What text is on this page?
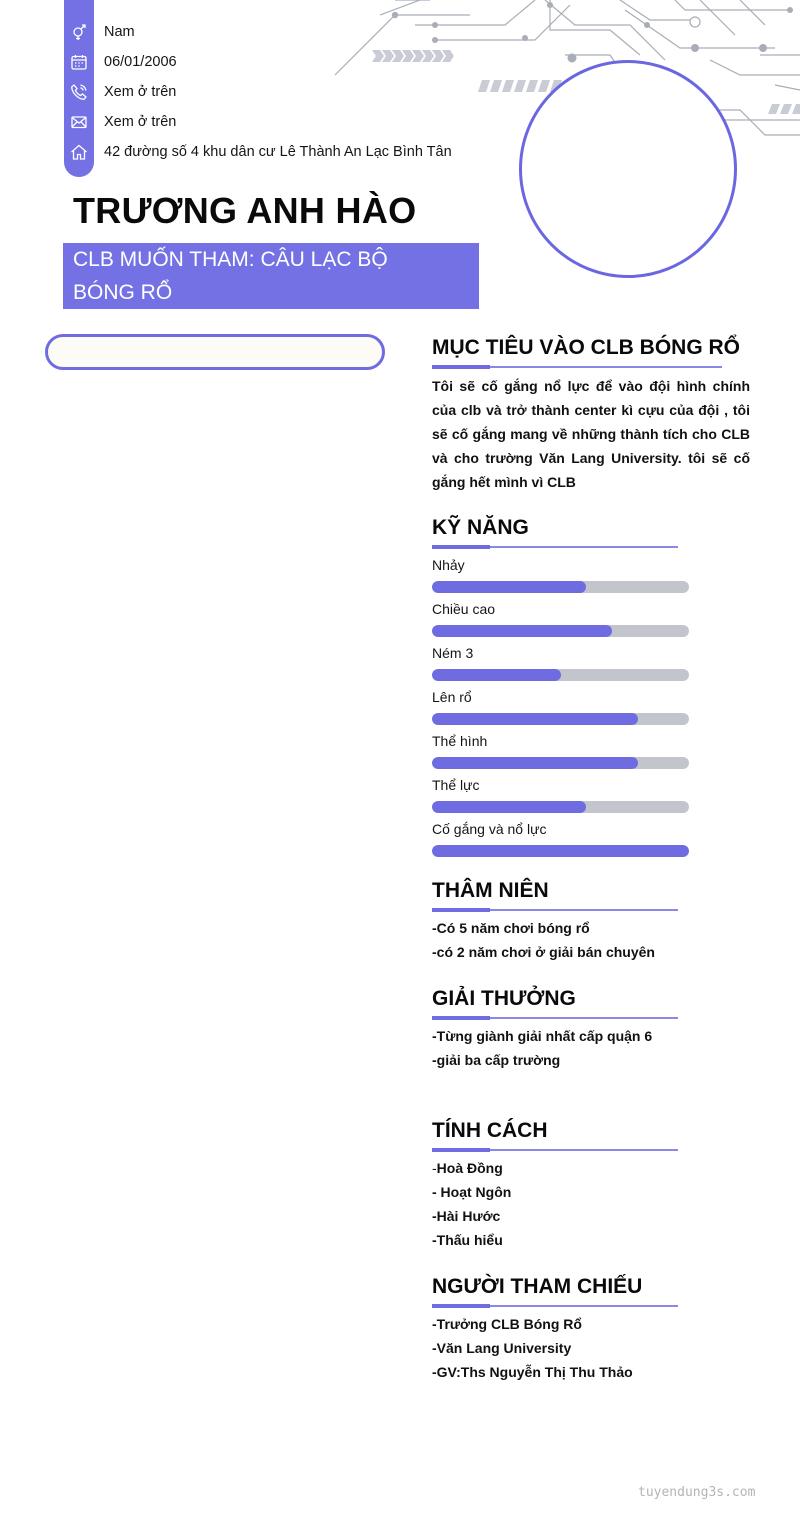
Nam
06/01/2006
Xem ở trên
Xem ở trên
42 đường số 4 khu dân cư Lê Thành An Lạc Bình Tân
TRƯƠNG ANH HÀO
CLB MUỐN THAM: CÂU LẠC BỘ
BÓNG RỔ
MỤC TIÊU VÀO CLB BÓNG RỔ
Tôi sẽ cố gắng nổ lực để vào đội hình chính của clb và trở thành center kì cựu của đội , tôi sẽ cố gắng mang về những thành tích cho CLB và cho trường Văn Lang University. tôi sẽ cố gắng hết mình vì CLB
KỸ NĂNG
Nhảy
Chiều cao
Ném 3
Lên rổ
Thể hình
Thể lực
Cố gắng và nổ lực
THÂM NIÊN
-Có 5 năm chơi bóng rổ
-có 2 năm chơi ở giải bán chuyên
GIẢI THƯỞNG
-Từng giành giải nhất cấp quận 6
-giải ba cấp trường
TÍNH CÁCH
-Hoà Đồng
- Hoạt Ngôn
-Hài Hước
-Thấu hiểu
NGƯỜI THAM CHIẾU
-Trưởng CLB Bóng Rổ
-Văn Lang University
-GV:Ths Nguyễn Thị Thu Thảo
tuyendung3s.com
